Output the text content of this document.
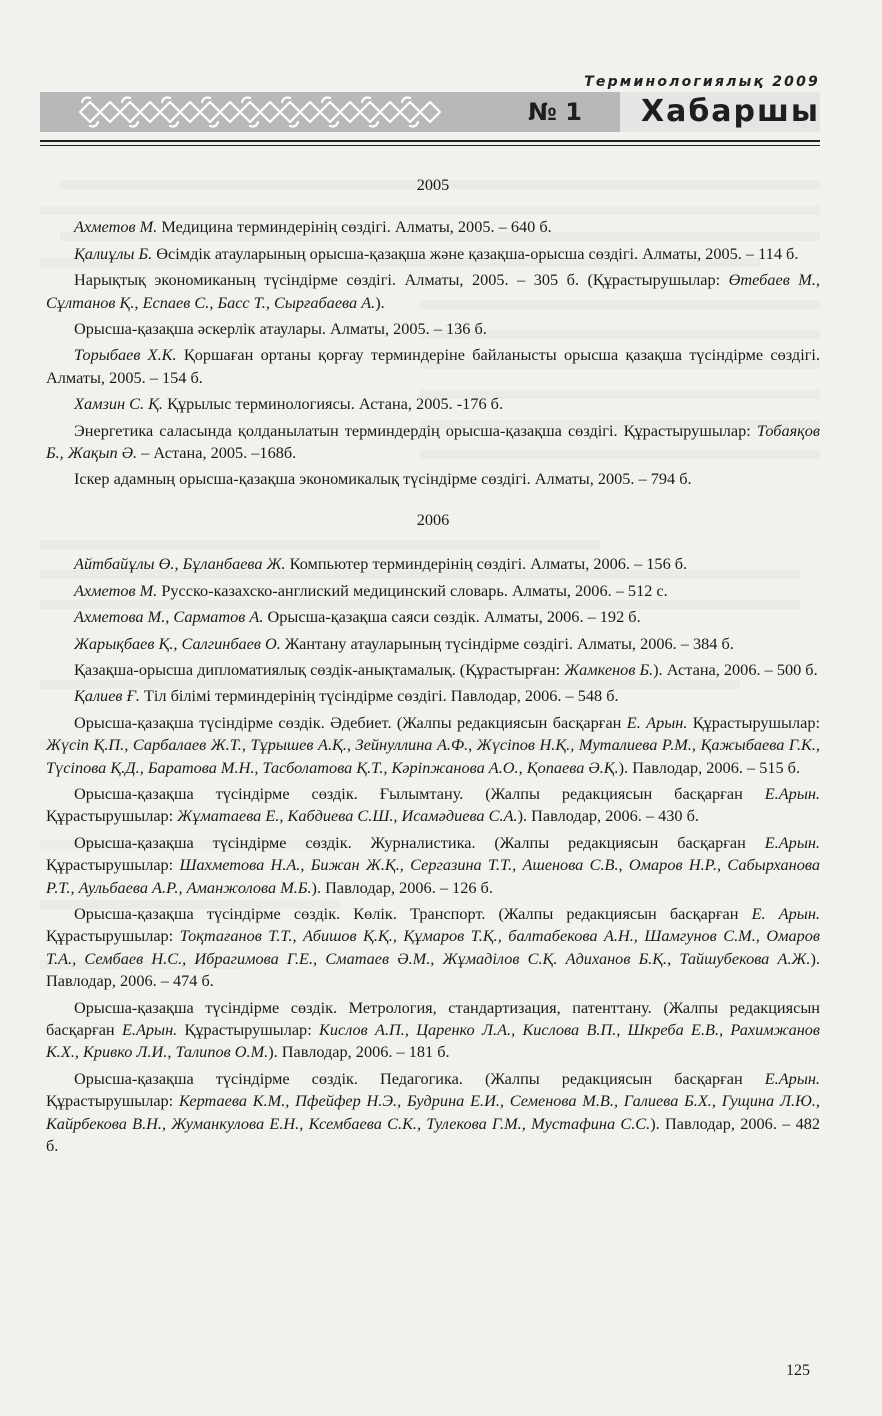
Терминологиялық 2009
№ 1 Хабаршы
2005
Ахметов М. Медицина терминдерінің сөздігі. Алматы, 2005. – 640 б.
Қалиұлы Б. Өсімдік атауларының орысша-қазақша және қазақша-орысша сөздігі. Алматы, 2005. – 114 б.
Нарықтық экономиканың түсіндірме сөздігі. Алматы, 2005. – 305 б. (Құрастырушылар: Өтебаев М., Сұлтанов Қ., Еспаев С., Басс Т., Сырғабаева А.).
Орысша-қазақша әскерлік атаулары. Алматы, 2005. – 136 б.
Торыбаев Х.К. Қоршаған ортаны қорғау терминдеріне байланысты орысша қазақша түсіндірме сөздігі. Алматы, 2005. – 154 б.
Хамзин С. Қ. Құрылыс терминологиясы. Астана, 2005. -176 б.
Энергетика саласында қолданылатын терминдердің орысша-қазақша сөздігі. Құрастырушылар: Тобаяқов Б., Жақып Ә. – Астана, 2005. –168б.
Іскер адамның орысша-қазақша экономикалық түсіндірме сөздігі. Алматы, 2005. – 794 б.
2006
Айтбайұлы Ө., Бұланбаева Ж. Компьютер терминдерінің сөздігі. Алматы, 2006. – 156 б.
Ахметов М. Русско-казахско-англиский медицинский словарь. Алматы, 2006. – 512 с.
Ахметова М., Сарматов А. Орысша-қазақша саяси сөздік. Алматы, 2006. – 192 б.
Жарықбаев Қ., Салгинбаев О. Жантану атауларының түсіндірме сөздігі. Алматы, 2006. – 384 б.
Қазақша-орысша дипломатиялық сөздік-анықтамалық. (Құрастырған: Жамкенов Б.). Астана, 2006. – 500 б.
Қалиев Ғ. Тіл білімі терминдерінің түсіндірме сөздігі. Павлодар, 2006. – 548 б.
Орысша-қазақша түсіндірме сөздік. Әдебиет. (Жалпы редакциясын басқарған Е. Арын. Құрастырушылар: Жүсіп Қ.П., Сарбалаев Ж.Т., Тұрышев А.Қ., Зейнуллина А.Ф., Жүсіпов Н.Қ., Муталиева Р.М., Қажыбаева Г.К., Түсіпова Қ.Д., Баратова М.Н., Тасболатова Қ.Т., Кәріпжанова А.О., Қопаева Ә.Қ.). Павлодар, 2006. – 515 б.
Орысша-қазақша түсіндірме сөздік. Ғылымтану. (Жалпы редакциясын басқарған Е.Арын. Құрастырушылар: Жұматаева Е., Кабдиева С.Ш., Исамәдиева С.А.). Павлодар, 2006. – 430 б.
Орысша-қазақша түсіндірме сөздік. Журналистика. (Жалпы редакциясын басқарған Е.Арын. Құрастырушылар: Шахметова Н.А., Бижан Ж.Қ., Сергазина Т.Т., Ашенова С.В., Омаров Н.Р., Сабырханова Р.Т., Аульбаева А.Р., Аманжолова М.Б.). Павлодар, 2006. – 126 б.
Орысша-қазақша түсіндірме сөздік. Көлік. Транспорт. (Жалпы редакциясын басқарған Е. Арын. Құрастырушылар: Тоқтағанов Т.Т., Абишов Қ.Қ., Құмаров Т.Қ., балтабекова А.Н., Шамгунов С.М., Омаров Т.А., Сембаев Н.С., Ибрагимова Г.Е., Сматаев Ә.М., Жұмаділов С.Қ. Адиханов Б.Қ., Тайшубекова А.Ж.). Павлодар, 2006. – 474 б.
Орысша-қазақша түсіндірме сөздік. Метрология, стандартизация, патенттану. (Жалпы редакциясын басқарған Е.Арын. Құрастырушылар: Кислов А.П., Царенко Л.А., Кислова В.П., Шкреба Е.В., Рахимжанов К.Х., Кривко Л.И., Талипов О.М.). Павлодар, 2006. – 181 б.
Орысша-қазақша түсіндірме сөздік. Педагогика. (Жалпы редакциясын басқарған Е.Арын. Құрастырушылар: Кертаева К.М., Пфейфер Н.Э., Будрина Е.И., Семенова М.В., Галиева Б.Х., Гущина Л.Ю., Кайрбекова В.Н., Жуманкулова Е.Н., Ксембаева С.К., Тулекова Г.М., Мустафина С.С.). Павлодар, 2006. – 482 б.
125
